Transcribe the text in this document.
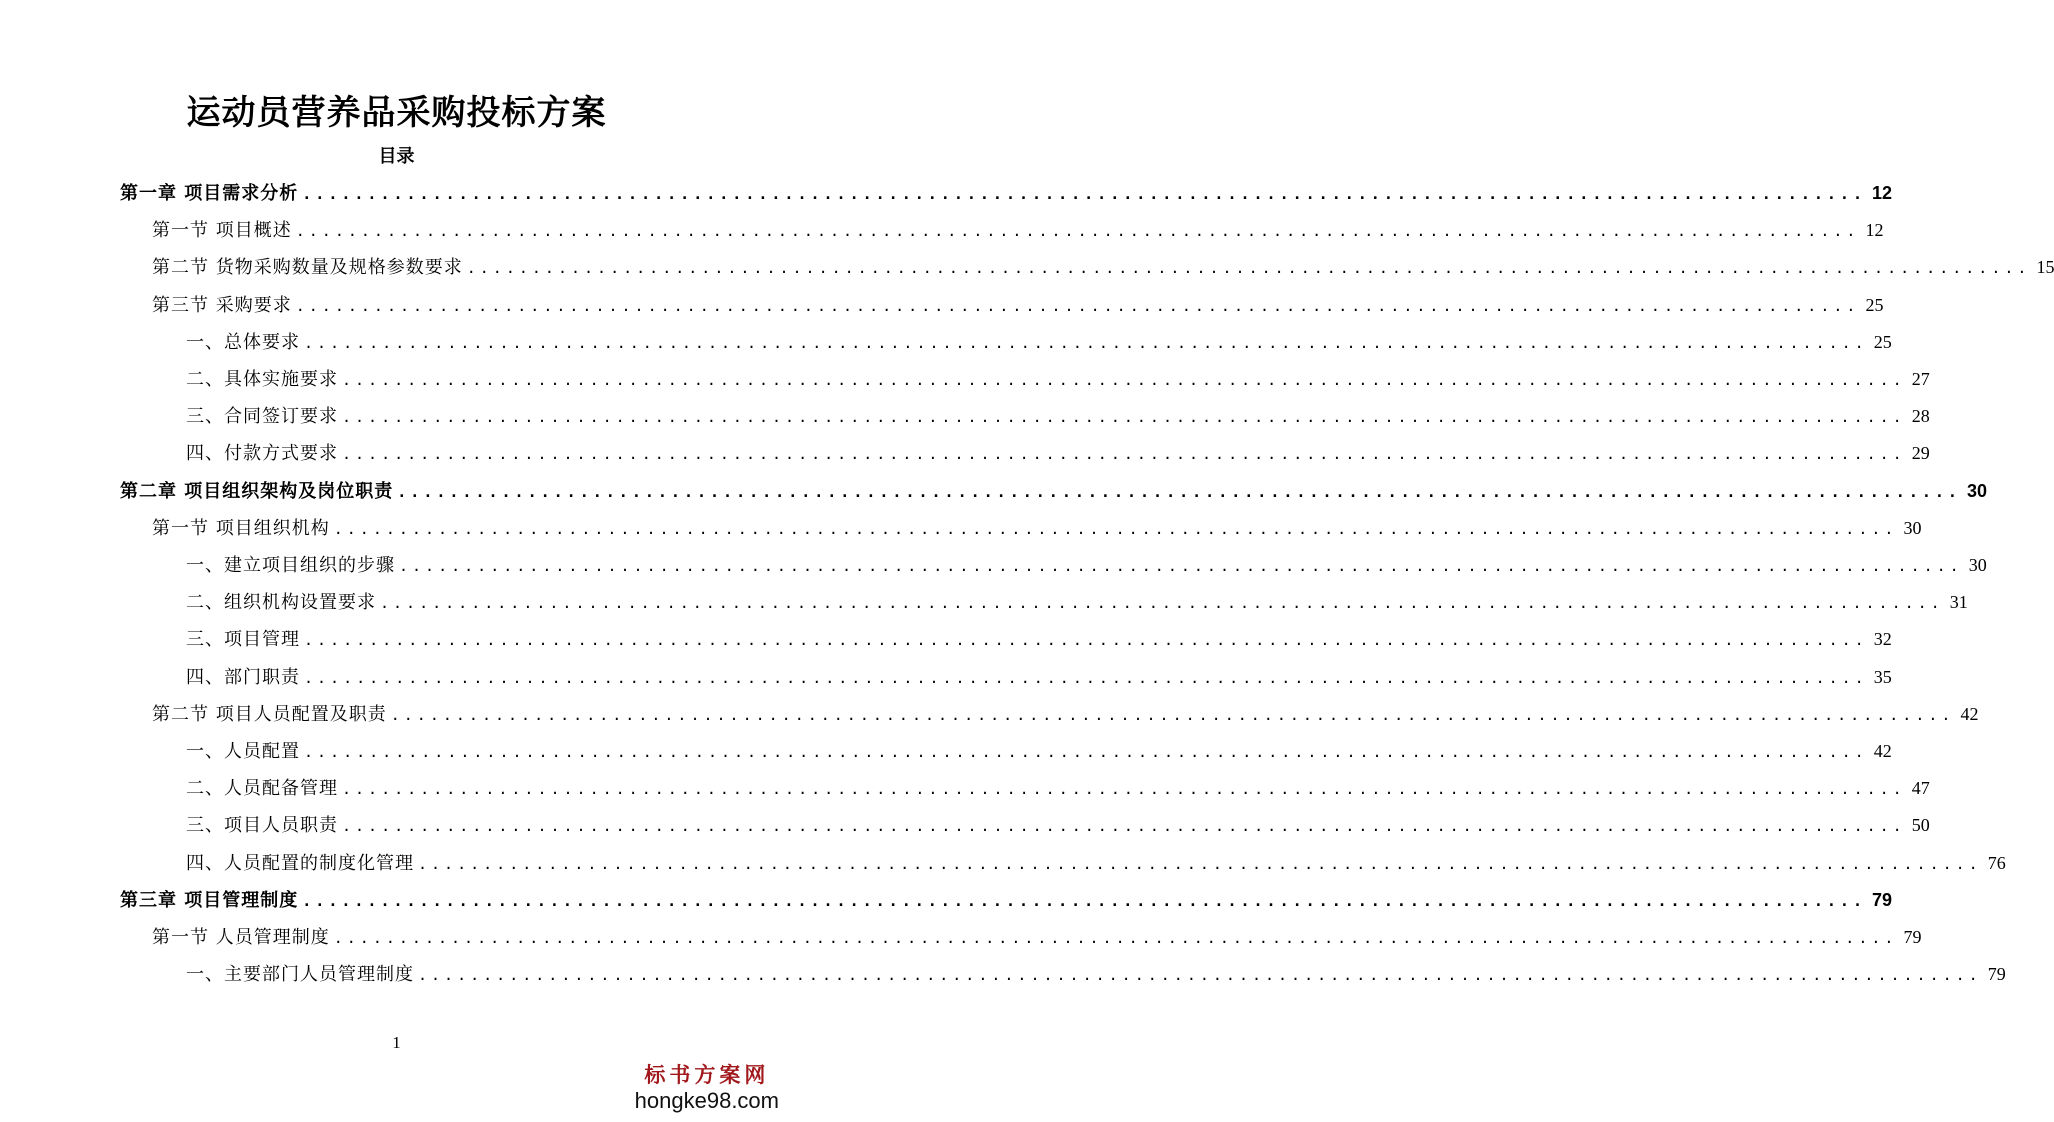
运动员营养品采购投标方案
目录
第一章 项目需求分析 ........................................................................................................................ 12
第一节 项目概述 ........................................................................................................................ 12
第二节 货物采购数量及规格参数要求 ........................................................................................................................ 15
第三节 采购要求 ........................................................................................................................ 25
一、总体要求 ........................................................................................................................ 25
二、具体实施要求 ........................................................................................................................ 27
三、合同签订要求 ........................................................................................................................ 28
四、付款方式要求 ........................................................................................................................ 29
第二章 项目组织架构及岗位职责 ........................................................................................................................ 30
第一节 项目组织机构 ........................................................................................................................ 30
一、建立项目组织的步骤 ........................................................................................................................ 30
二、组织机构设置要求 ........................................................................................................................ 31
三、项目管理 ........................................................................................................................ 32
四、部门职责 ........................................................................................................................ 35
第二节 项目人员配置及职责 ........................................................................................................................ 42
一、人员配置 ........................................................................................................................ 42
二、人员配备管理 ........................................................................................................................ 47
三、项目人员职责 ........................................................................................................................ 50
四、人员配置的制度化管理 ........................................................................................................................ 76
第三章 项目管理制度 ........................................................................................................................ 79
第一节 人员管理制度 ........................................................................................................................ 79
一、主要部门人员管理制度 ........................................................................................................................ 79
1
标书方案网
hongke98.com
